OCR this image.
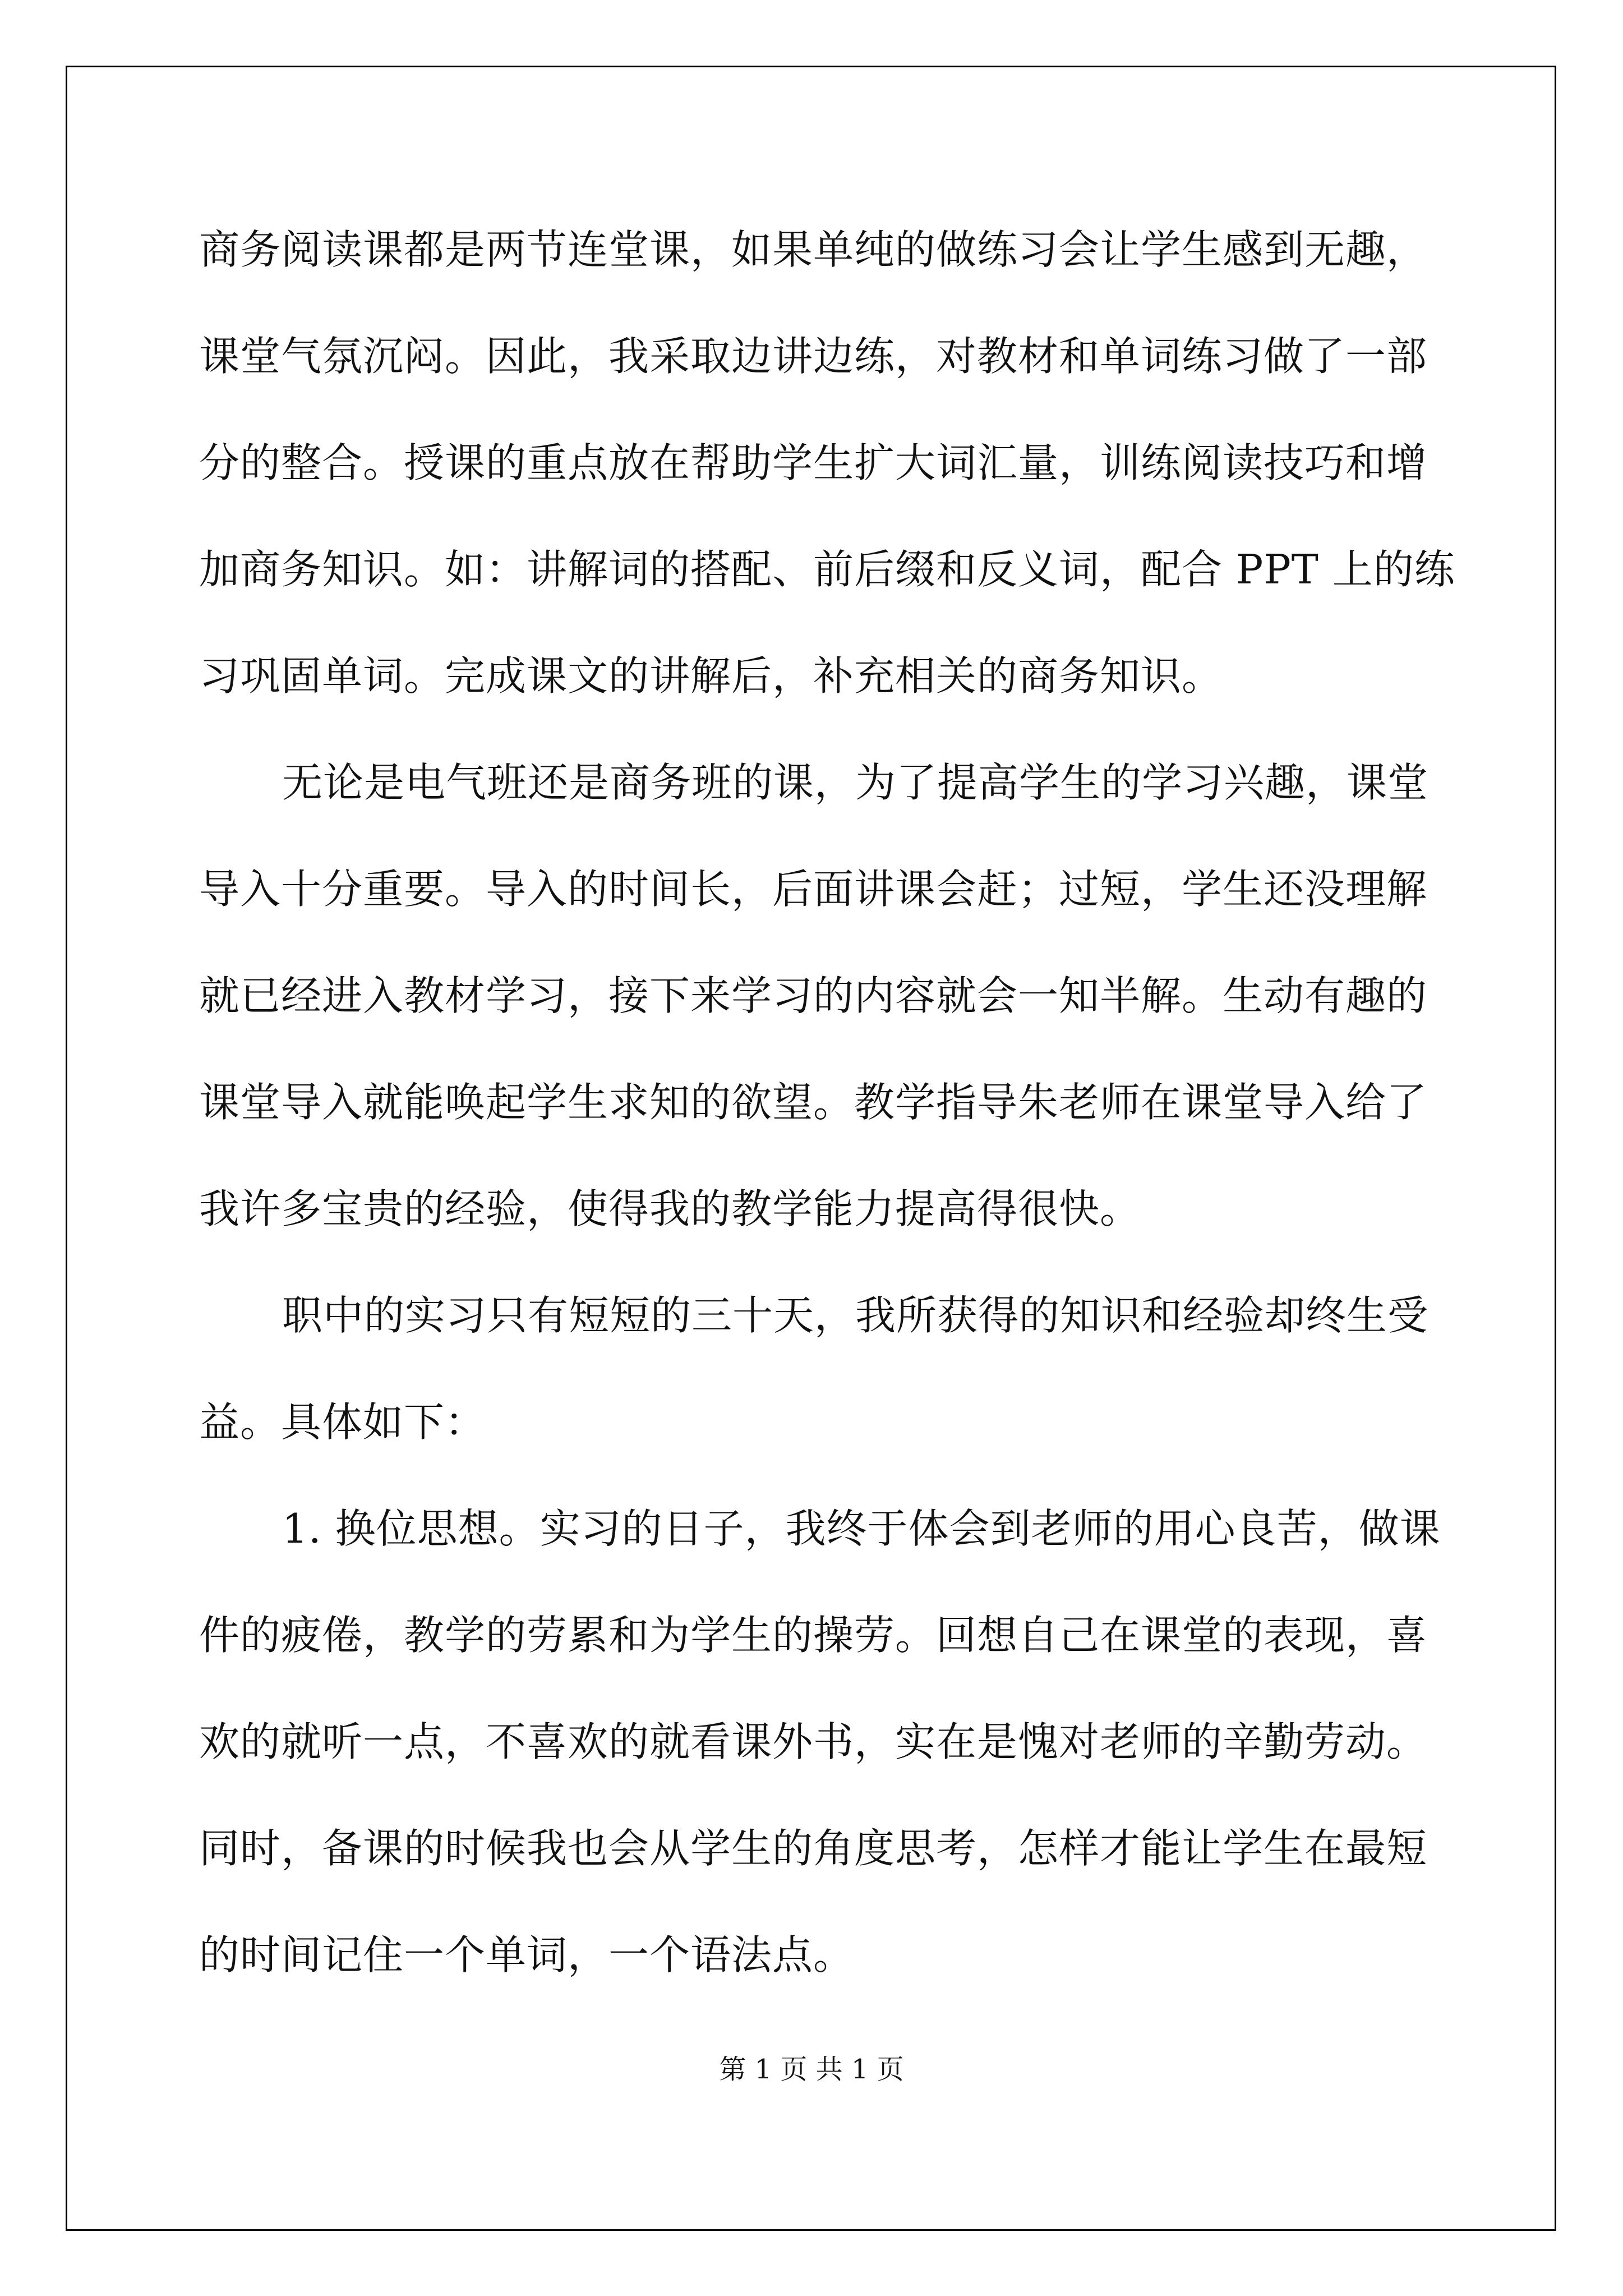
商务阅读课都是两节连堂课，如果单纯的做练习会让学生感到无趣，
课堂气氛沉闷。因此，我采取边讲边练，对教材和单词练习做了一部
分的整合。授课的重点放在帮助学生扩大词汇量，训练阅读技巧和增
加商务知识。如：讲解词的搭配、前后缀和反义词，配合 PPT 上的练
习巩固单词。完成课文的讲解后，补充相关的商务知识。
无论是电气班还是商务班的课，为了提高学生的学习兴趣，课堂
导入十分重要。导入的时间长，后面讲课会赶；过短，学生还没理解
就已经进入教材学习，接下来学习的内容就会一知半解。生动有趣的
课堂导入就能唤起学生求知的欲望。教学指导朱老师在课堂导入给了
我许多宝贵的经验，使得我的教学能力提高得很快。
职中的实习只有短短的三十天，我所获得的知识和经验却终生受
益。具体如下：
1. 换位思想。实习的日子，我终于体会到老师的用心良苦，做课
件的疲倦，教学的劳累和为学生的操劳。回想自己在课堂的表现，喜
欢的就听一点，不喜欢的就看课外书，实在是愧对老师的辛勤劳动。
同时，备课的时候我也会从学生的角度思考，怎样才能让学生在最短
的时间记住一个单词，一个语法点。
第 1 页 共 1 页
